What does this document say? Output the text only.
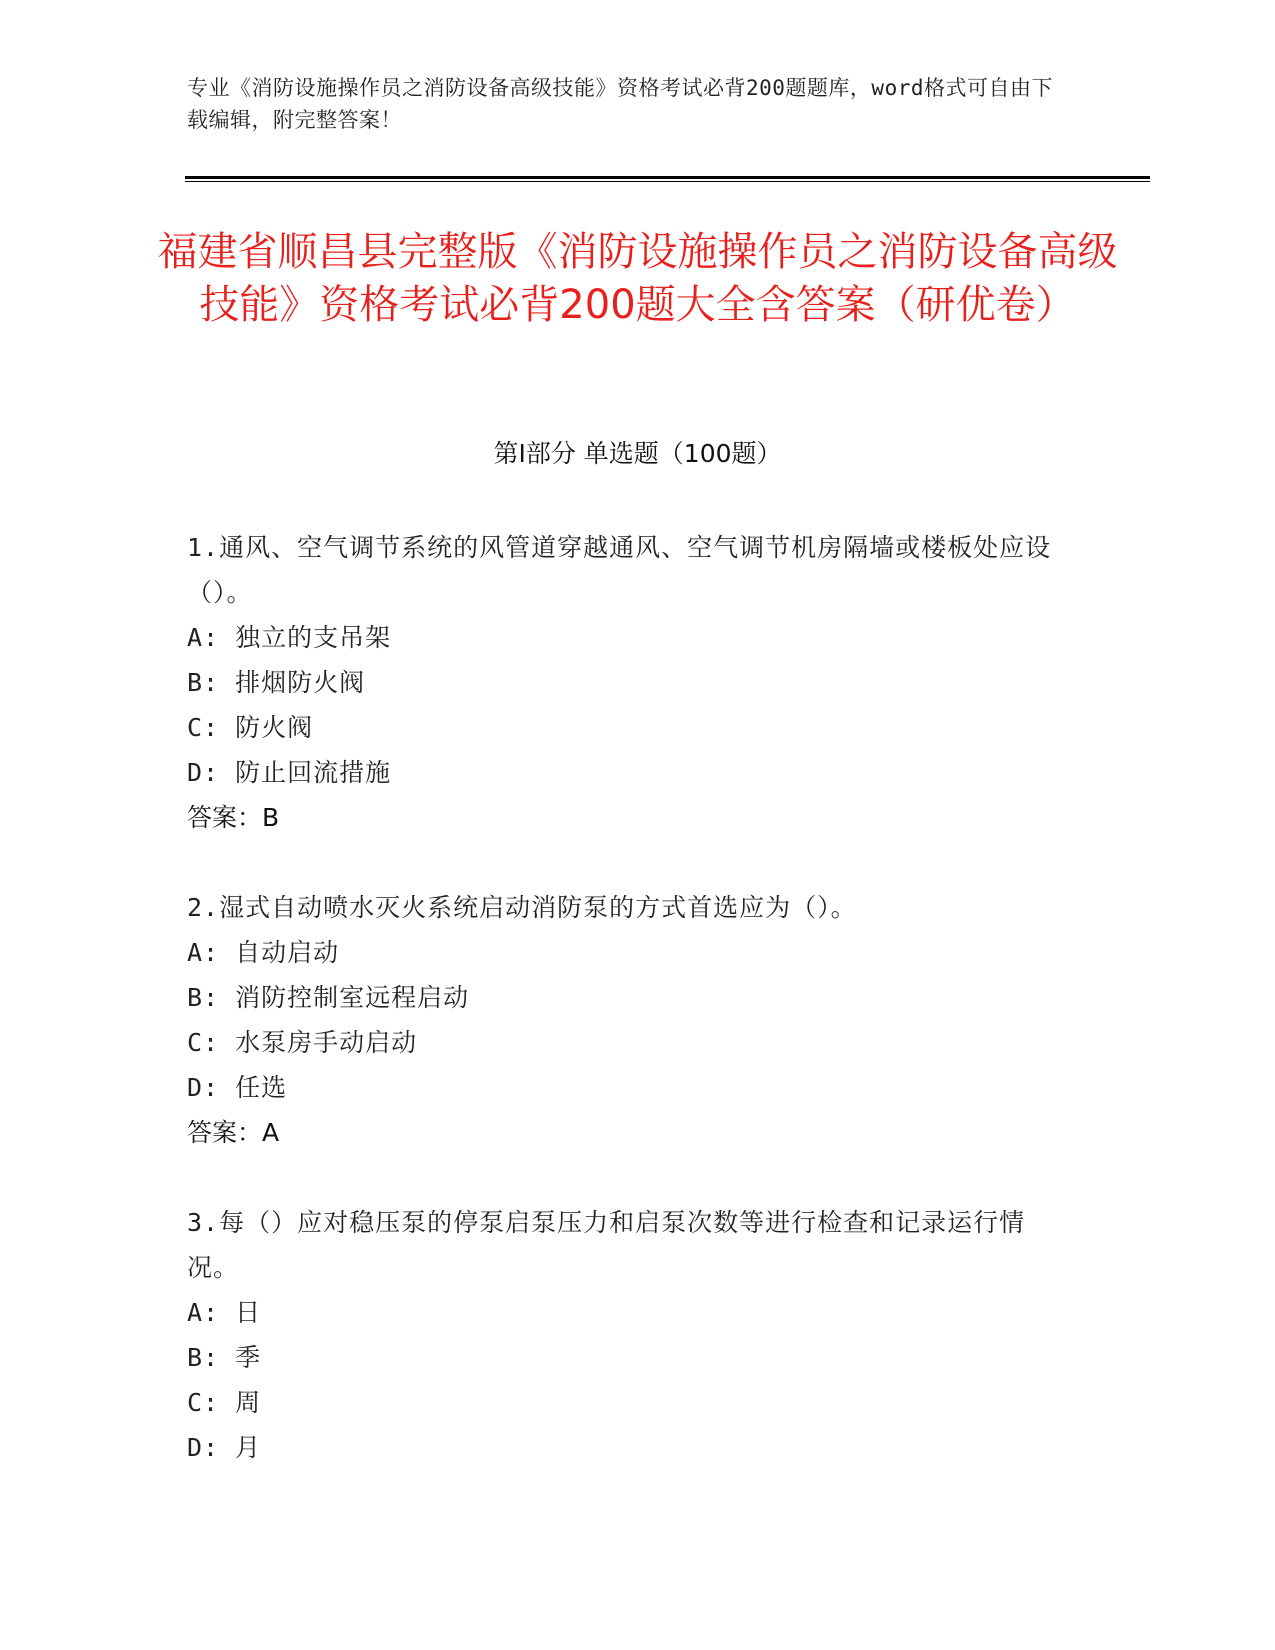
专业《消防设施操作员之消防设备高级技能》资格考试必背200题题库，word格式可自由下载编辑，附完整答案！
福建省顺昌县完整版《消防设施操作员之消防设备高级技能》资格考试必背200题大全含答案（研优卷）
第I部分 单选题（100题）
1.通风、空气调节系统的风管道穿越通风、空气调节机房隔墙或楼板处应设（）。
A: 独立的支吊架
B: 排烟防火阀
C: 防火阀
D: 防止回流措施
答案：B
2.湿式自动喷水灭火系统启动消防泵的方式首选应为（）。
A: 自动启动
B: 消防控制室远程启动
C: 水泵房手动启动
D: 任选
答案：A
3.每（）应对稳压泵的停泵启泵压力和启泵次数等进行检查和记录运行情况。
A: 日
B: 季
C: 周
D: 月
